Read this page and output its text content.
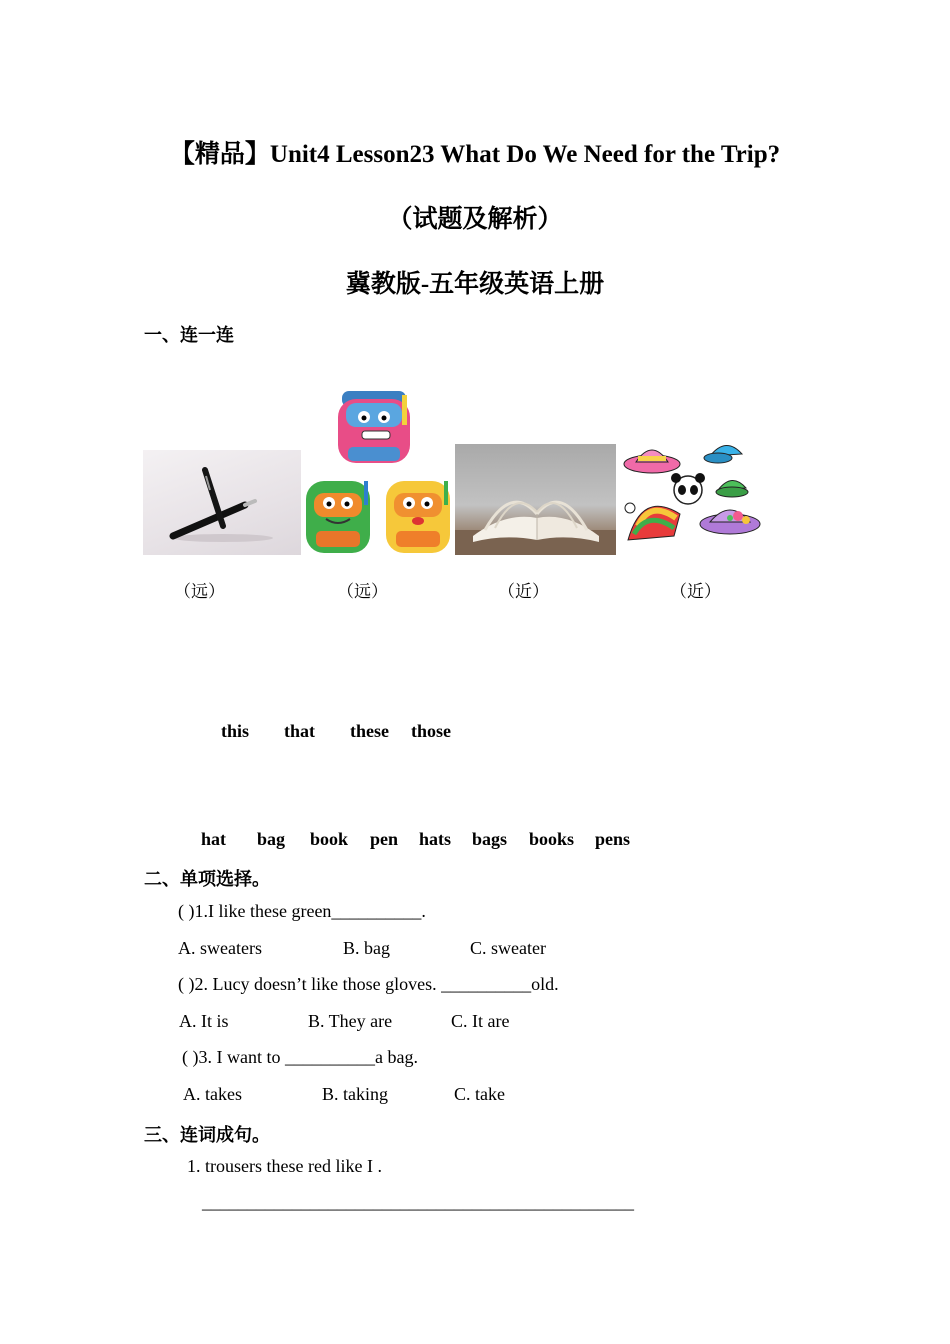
【精品】Unit4 Lesson23 What Do We Need for the Trip?
（试题及解析）
冀教版-五年级英语上册
一、连一连
（远）	（远）	（近）	（近）
this that these those
hat bag book pen hats bags books pens
二、单项选择。
( )1.I like these green__________.
A. sweaters	B. bag	C. sweater
( )2. Lucy doesn’t like those gloves. __________old.
A. It is	B. They are	C. It are
( )3. I want to __________a bag.
A. takes	B. taking	C. take
三、连词成句。
1. trousers these red like I .
________________________________________________
